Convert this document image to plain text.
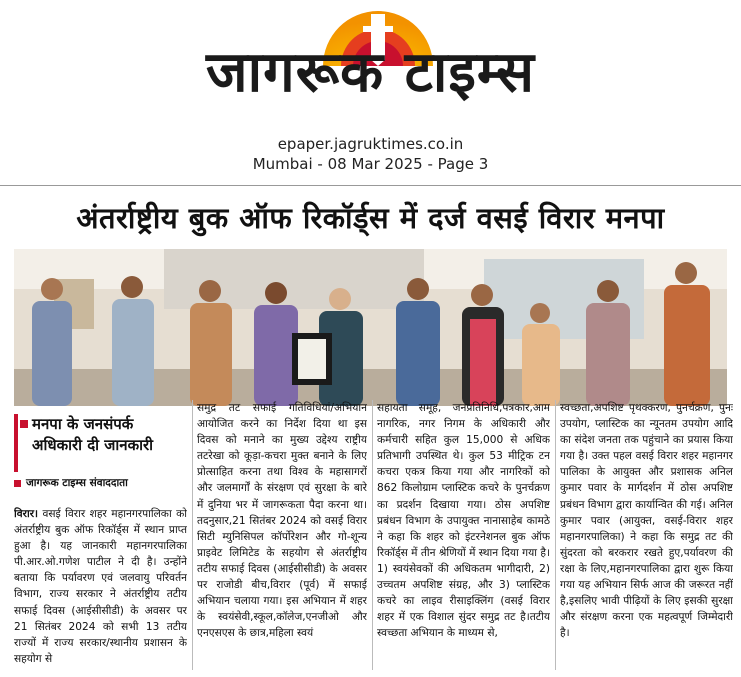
जागरूक टाइम्स
epaper.jagruktimes.co.in
Mumbai - 08 Mar 2025 - Page 3
अंतर्राष्ट्रीय बुक ऑफ रिकॉर्ड्स में दर्ज वसई विरार मनपा
मनपा के जनसंपर्क
अधिकारी दी जानकारी
जागरूक टाइम्स संवाददाता
विरार। वसई विरार शहर महानगरपालिका को अंतर्राष्ट्रीय बुक ऑफ रिकॉर्ड्स में स्थान प्राप्त हुआ है। यह जानकारी महानगरपालिका पी.आर.ओ.गणेश पाटील ने दी है। उन्होंने बताया कि पर्यावरण एवं जलवायु परिवर्तन विभाग, राज्य सरकार ने अंतर्राष्ट्रीय तटीय सफाई दिवस (आईसीसीडी) के अवसर पर 21 सितंबर 2024 को सभी 13 तटीय राज्यों में राज्य सरकार/स्थानीय प्रशासन के सहयोग से
समुद्र तट सफाई गतिविधियां/अभियान आयोजित करने का निर्देश दिया था इस दिवस को मनाने का मुख्य उद्देश्य राष्ट्रीय तटरेखा को कूड़ा-कचरा मुक्त बनाने के लिए प्रोत्साहित करना तथा विश्व के महासागरों और जलमार्गों के संरक्षण एवं सुरक्षा के बारे में दुनिया भर में जागरूकता पैदा करना था। तदनुसार,21 सितंबर 2024 को वसई विरार सिटी म्युनिसिपल कॉर्पोरेशन और गो-शून्य प्राइवेट लिमिटेड के सहयोग से अंतर्राष्ट्रीय तटीय सफाई दिवस (आईसीसीडी) के अवसर पर राजोडी बीच,विरार (पूर्व) में सफाई अभियान चलाया गया। इस अभियान में शहर के स्वयंसेवी,स्कूल,कॉलेज,एनजीओ और एनएसएस के छात्र,महिला स्वयं
सहायता समूह, जनप्रतिनिधि,पत्रकार,आम नागरिक, नगर निगम के अधिकारी और कर्मचारी सहित कुल 15,000 से अधिक प्रतिभागी उपस्थित थे। कुल 53 मीट्रिक टन कचरा एकत्र किया गया और नागरिकों को 862 किलोग्राम प्लास्टिक कचरे के पुनर्चक्रण का प्रदर्शन दिखाया गया। ठोस अपशिष्ट प्रबंधन विभाग के उपायुक्त नानासाहेब कामठे ने कहा कि शहर को इंटरनेशनल बुक ऑफ रिकॉर्ड्स में तीन श्रेणियों में स्थान दिया गया है। 1) स्वयंसेवकों की अधिकतम भागीदारी, 2) उच्चतम अपशिष्ट संग्रह, और 3) प्लास्टिक कचरे का लाइव रीसाइक्लिंग (वसई विरार शहर में एक विशाल सुंदर समुद्र तट है।तटीय स्वच्छता अभियान के माध्यम से,
स्वच्छता,अपशिष्ट पृथक्करण, पुनर्चक्रण, पुनः उपयोग, प्लास्टिक का न्यूनतम उपयोग आदि का संदेश जनता तक पहुंचाने का प्रयास किया गया है। उक्त पहल वसई विरार शहर महानगर पालिका के आयुक्त और प्रशासक अनिल कुमार पवार के मार्गदर्शन में ठोस अपशिष्ट प्रबंधन विभाग द्वारा कार्यान्वित की गई। अनिल कुमार पवार (आयुक्त, वसई-विरार शहर महानगरपालिका) ने कहा कि समुद्र तट की सुंदरता को बरकरार रखते हुए,पर्यावरण की रक्षा के लिए,महानगरपालिका द्वारा शुरू किया गया यह अभियान सिर्फ आज की जरूरत नहीं है,इसलिए भावी पीढ़ियों के लिए इसकी सुरक्षा और संरक्षण करना एक महत्वपूर्ण जिम्मेदारी है।
